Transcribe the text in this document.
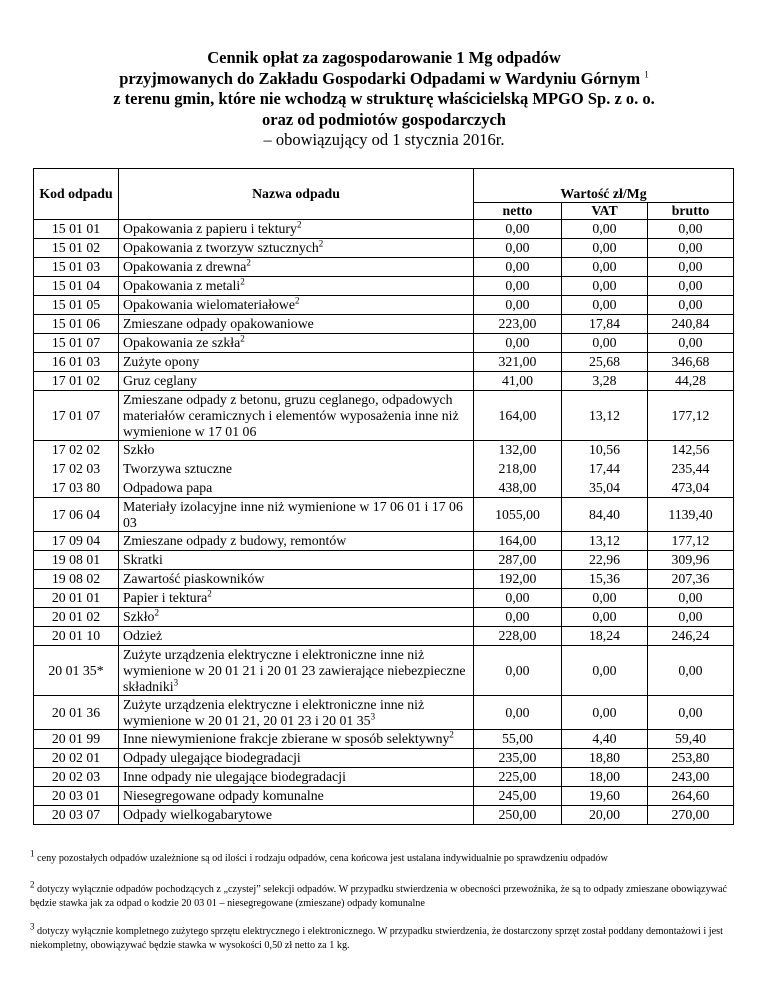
Cennik opłat za zagospodarowanie 1 Mg odpadów
przyjmowanych do Zakładu Gospodarki Odpadami w Wardyniu Górnym $^1$
z terenu gmin, które nie wchodzą w strukturę właścicielską MPGO Sp. z o. o.
oraz od podmiotów gospodarczych
– obowiązujący od 1 stycznia 2016r.
Kod odpadu	Nazwa odpadu	Wartość zł/Mg		
		netto	VAT	brutto
15 01 01	Opakowania z papieru i tektury$^2$	0,00	0,00	0,00
15 01 02	Opakowania z tworzyw sztucznych$^2$	0,00	0,00	0,00
15 01 03	Opakowania z drewna$^2$	0,00	0,00	0,00
15 01 04	Opakowania z metali$^2$	0,00	0,00	0,00
15 01 05	Opakowania wielomateriałowe$^2$	0,00	0,00	0,00
15 01 06	Zmieszane odpady opakowaniowe	223,00	17,84	240,84
15 01 07	Opakowania ze szkła$^2$	0,00	0,00	0,00
16 01 03	Zużyte opony	321,00	25,68	346,68
17 01 02	Gruz ceglany	41,00	3,28	44,28
17 01 07	Zmieszane odpady z betonu, gruzu ceglanego, odpadowych materiałów ceramicznych i elementów wyposażenia inne niż wymienione w 17 01 06	164,00	13,12	177,12
17 02 02	Szkło	132,00	10,56	142,56
17 02 03	Tworzywa sztuczne	218,00	17,44	235,44
17 03 80	Odpadowa papa	438,00	35,04	473,04
17 06 04	Materiały izolacyjne inne niż wymienione w 17 06 01 i 17 06 03	1055,00	84,40	1139,40
17 09 04	Zmieszane odpady z budowy, remontów	164,00	13,12	177,12
19 08 01	Skratki	287,00	22,96	309,96
19 08 02	Zawartość piaskowników	192,00	15,36	207,36
20 01 01	Papier i tektura$^2$	0,00	0,00	0,00
20 01 02	Szkło$^2$	0,00	0,00	0,00
20 01 10	Odzież	228,00	18,24	246,24
20 01 35*	Zużyte urządzenia elektryczne i elektroniczne inne niż wymienione w 20 01 21 i 20 01 23 zawierające niebezpieczne składniki$^3$	0,00	0,00	0,00
20 01 36	Zużyte urządzenia elektryczne i elektroniczne inne niż wymienione w 20 01 21, 20 01 23 i 20 01 $35^3$	0,00	0,00	0,00
20 01 99	Inne niewymienione frakcje zbierane w sposób selektywny$^2$	55,00	4,40	59,40
20 02 01	Odpady ulegające biodegradacji	235,00	18,80	253,80
20 02 03	Inne odpady nie ulegające biodegradacji	225,00	18,00	243,00
20 03 01	Niesegregowane odpady komunalne	245,00	19,60	264,60
20 03 07	Odpady wielkogabarytowe	250,00	20,00	270,00
$^1$ ceny pozostałych odpadów uzależnione są od ilości i rodzaju odpadów, cena końcowa jest ustalana indywidualnie po sprawdzeniu odpadów
$^2$ dotyczy wyłącznie odpadów pochodzących z „czystej” selekcji odpadów. W przypadku stwierdzenia w obecności przewoźnika, że są to odpady zmieszane obowiązywać będzie stawka jak za odpad o kodzie 20 03 01 – niesegregowane (zmieszane) odpady komunalne
$^3$ dotyczy wyłącznie kompletnego zużytego sprzętu elektrycznego i elektronicznego. W przypadku stwierdzenia, że dostarczony sprzęt został poddany demontażowi i jest niekompletny, obowiązywać będzie stawka w wysokości 0,50 zł netto za 1 kg.
